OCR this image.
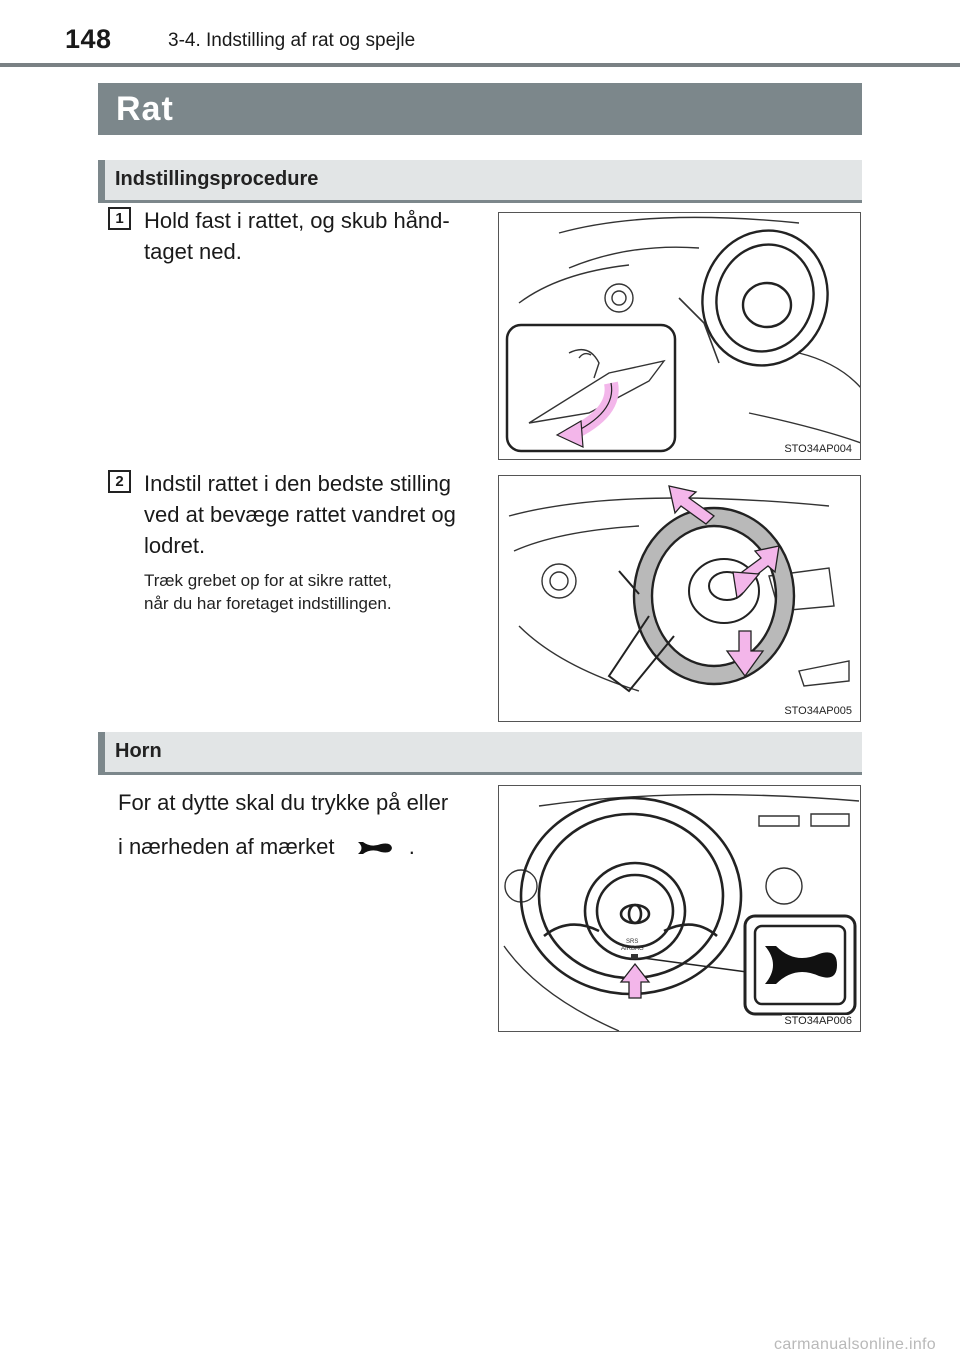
148	3-4. Indstilling af rat og spejle
Rat
Indstillingsprocedure
1 Hold fast i rattet, og skub hånd-
taget ned.
STO34AP004
2 Indstil rattet i den bedste stilling
ved at bevæge rattet vandret og
lodret.
Træk grebet op for at sikre rattet,
når du har foretaget indstillingen.
STO34AP005
Horn
For at dytte skal du trykke på eller
i nærheden af mærket	.
SRS
AIRBAG
STO34AP006
carmanualsonline.info
